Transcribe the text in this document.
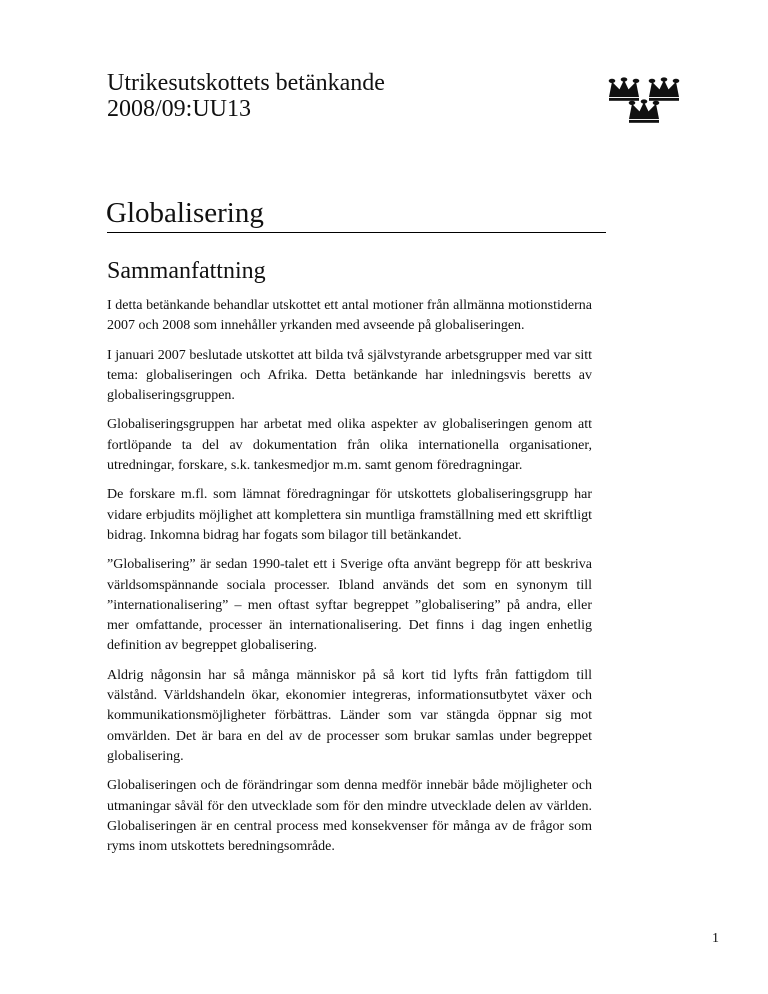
Utrikesutskottets betänkande
2008/09:UU13
Globalisering
Sammanfattning

I detta betänkande behandlar utskottet ett antal motioner från allmänna motionstiderna 2007 och 2008 som innehåller yrkanden med avseende på globaliseringen.

I januari 2007 beslutade utskottet att bilda två självstyrande arbetsgrupper med var sitt tema: globaliseringen och Afrika. Detta betänkande har inledningsvis beretts av globaliseringsgruppen.

Globaliseringsgruppen har arbetat med olika aspekter av globaliseringen genom att fortlöpande ta del av dokumentation från olika internationella organisationer, utredningar, forskare, s.k. tankesmedjor m.m. samt genom föredragningar.

De forskare m.fl. som lämnat föredragningar för utskottets globaliseringsgrupp har vidare erbjudits möjlighet att komplettera sin muntliga framställning med ett skriftligt bidrag. Inkomna bidrag har fogats som bilagor till betänkandet.

”Globalisering” är sedan 1990-talet ett i Sverige ofta använt begrepp för att beskriva världsomspännande sociala processer. Ibland används det som en synonym till ”internationalisering” – men oftast syftar begreppet ”globalisering” på andra, eller mer omfattande, processer än internationalisering. Det finns i dag ingen enhetlig definition av begreppet globalisering.

Aldrig någonsin har så många människor på så kort tid lyfts från fattigdom till välstånd. Världshandeln ökar, ekonomier integreras, informationsutbytet växer och kommunikationsmöjligheter förbättras. Länder som var stängda öppnar sig mot omvärlden. Det är bara en del av de processer som brukar samlas under begreppet globalisering.

Globaliseringen och de förändringar som denna medför innebär både möjligheter och utmaningar såväl för den utvecklade som för den mindre utvecklade delen av världen. Globaliseringen är en central process med konsekvenser för många av de frågor som ryms inom utskottets beredningsområde.

1
